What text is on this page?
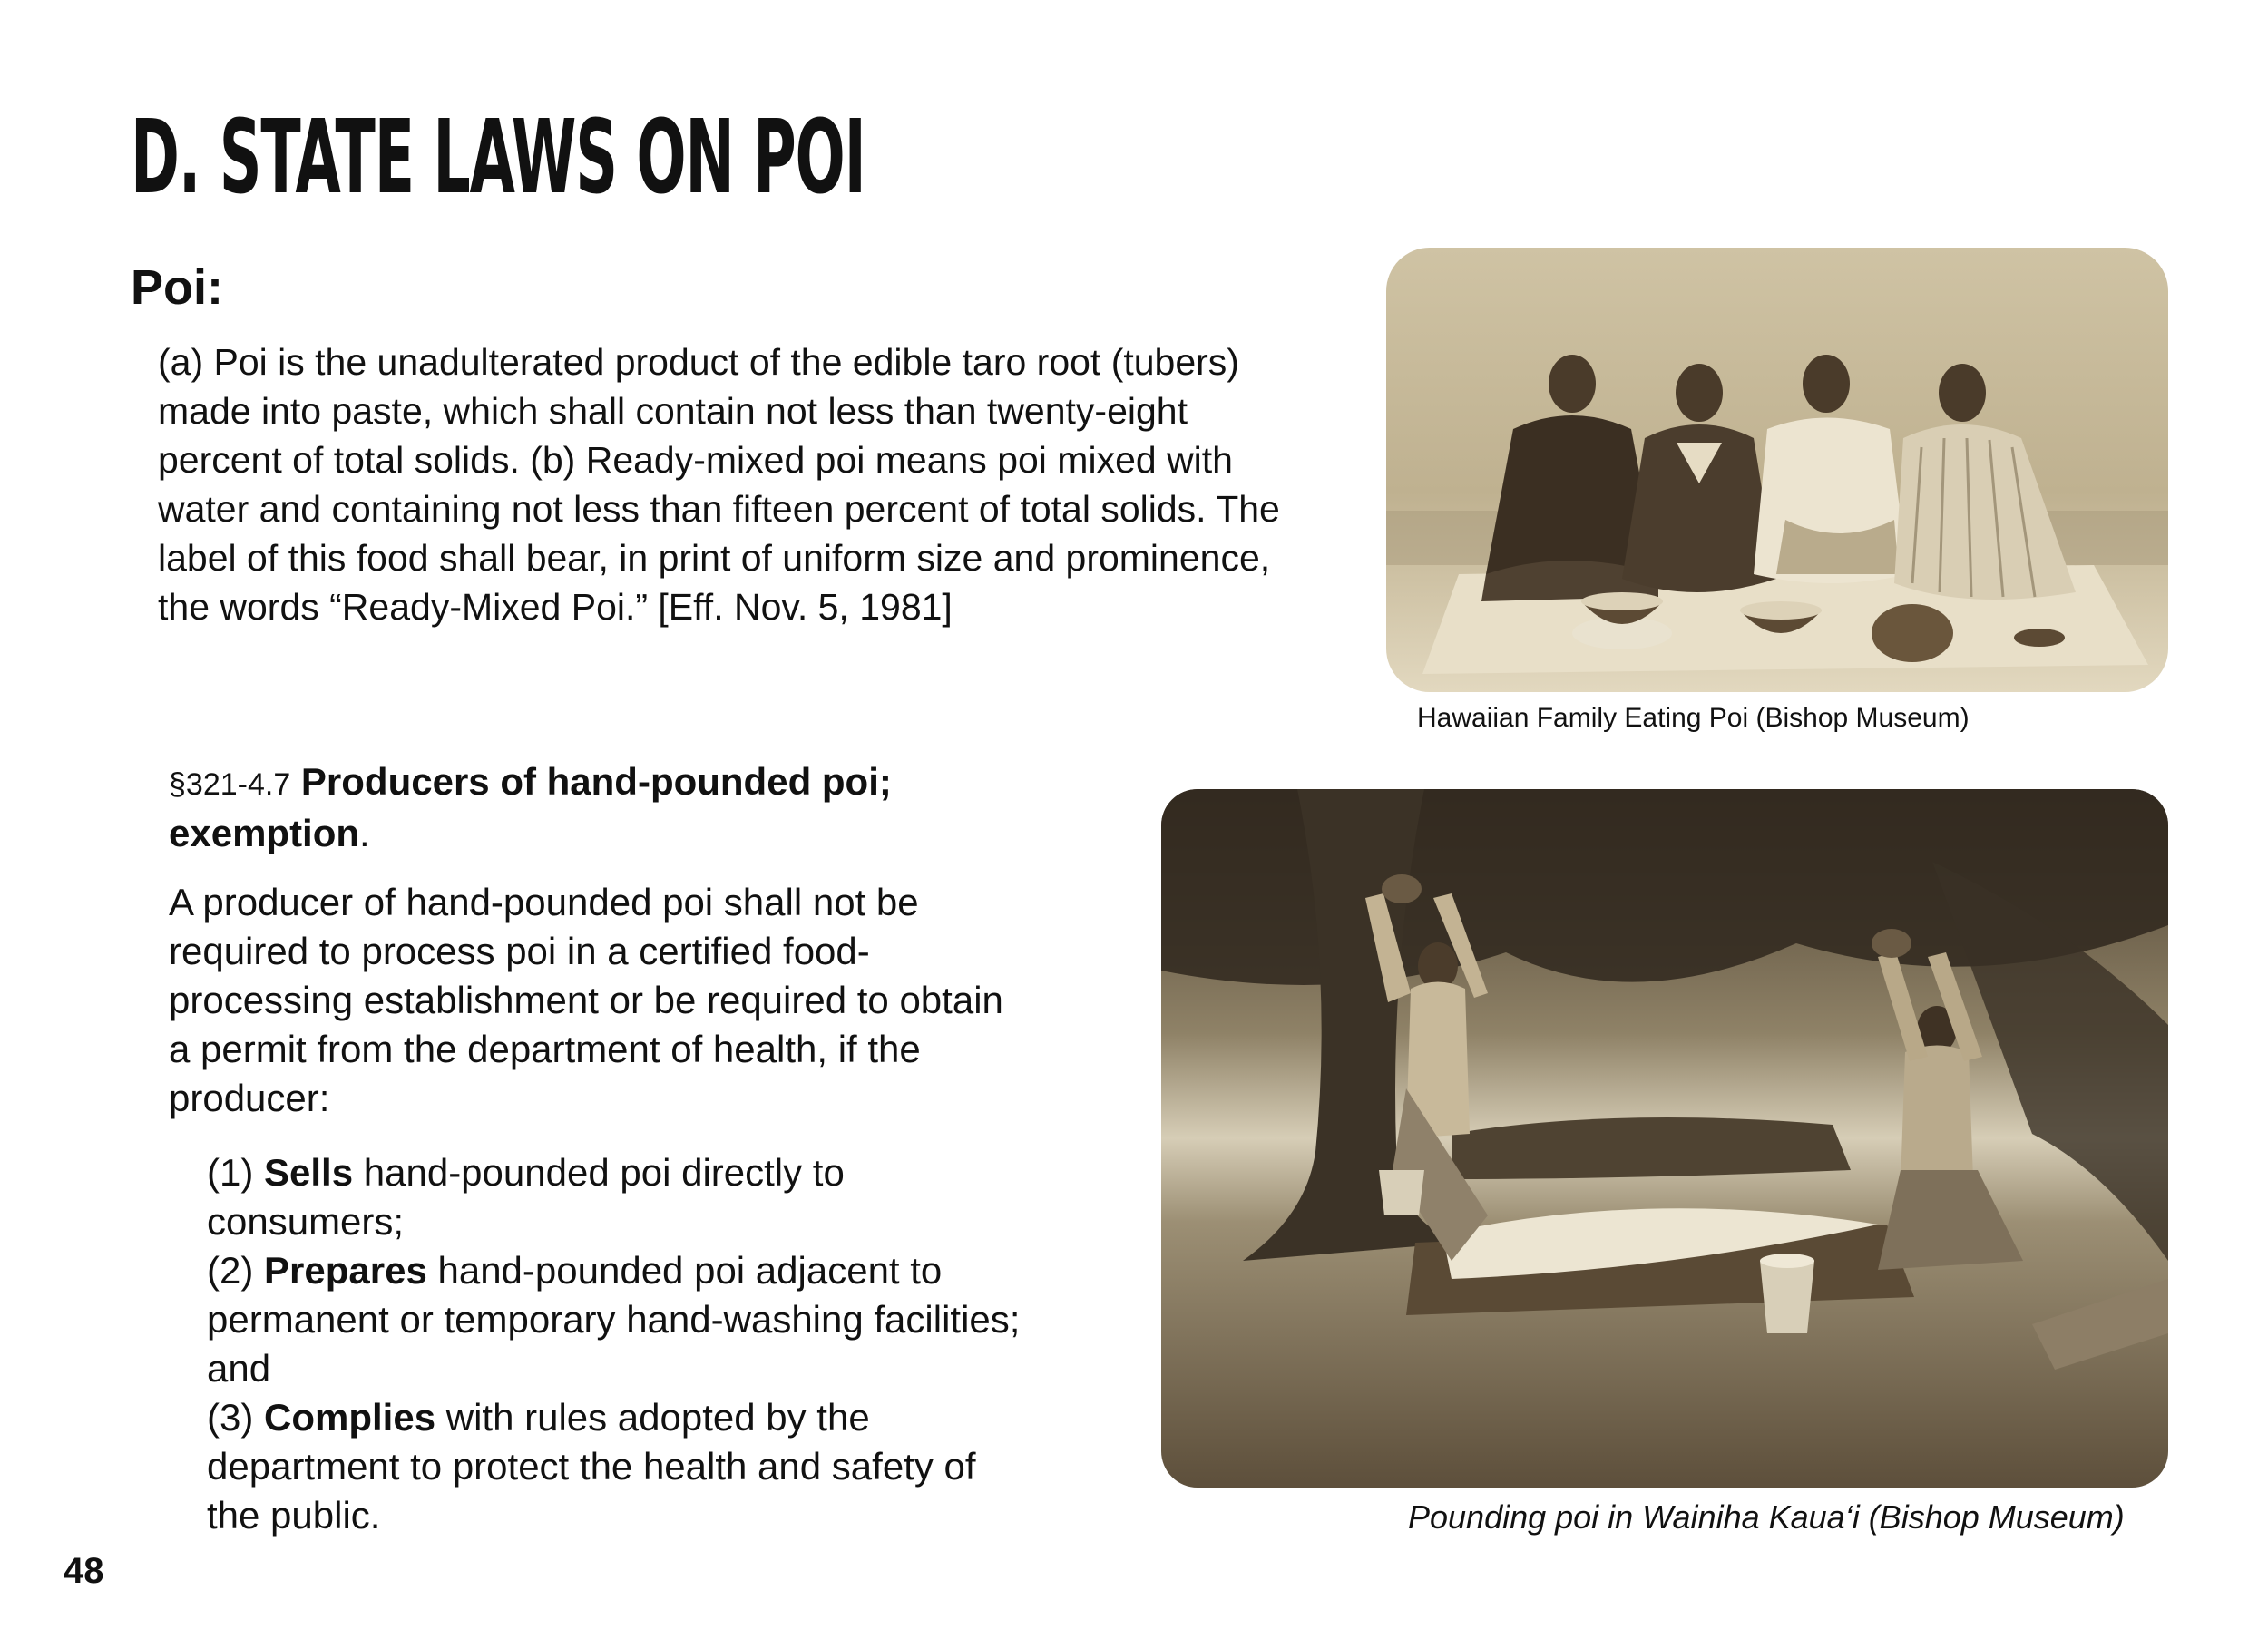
D. STATE LAWS ON POI
Poi:

(a) Poi is the unadulterated product of the edible taro root (tubers) made into paste, which shall contain not less than twenty-eight percent of total solids. (b) Ready-mixed poi means poi mixed with water and containing not less than fifteen percent of total solids. The label of this food shall bear, in print of uniform size and prominence, the words “Ready-Mixed Poi.” [Eff. Nov. 5, 1981]

§321-4.7 Producers of hand-pounded poi; exemption.

A producer of hand-pounded poi shall not be required to process poi in a certified food-processing establishment or be required to obtain a permit from the department of health, if the producer:

(1) Sells hand-pounded poi directly to consumers;
(2) Prepares hand-pounded poi adjacent to permanent or temporary hand-washing facilities; and
(3) Complies with rules adopted by the department to protect the health and safety of the public.
Hawaiian Family Eating Poi (Bishop Museum)
Pounding poi in Wainiha Kaua‘i (Bishop Museum)
48
